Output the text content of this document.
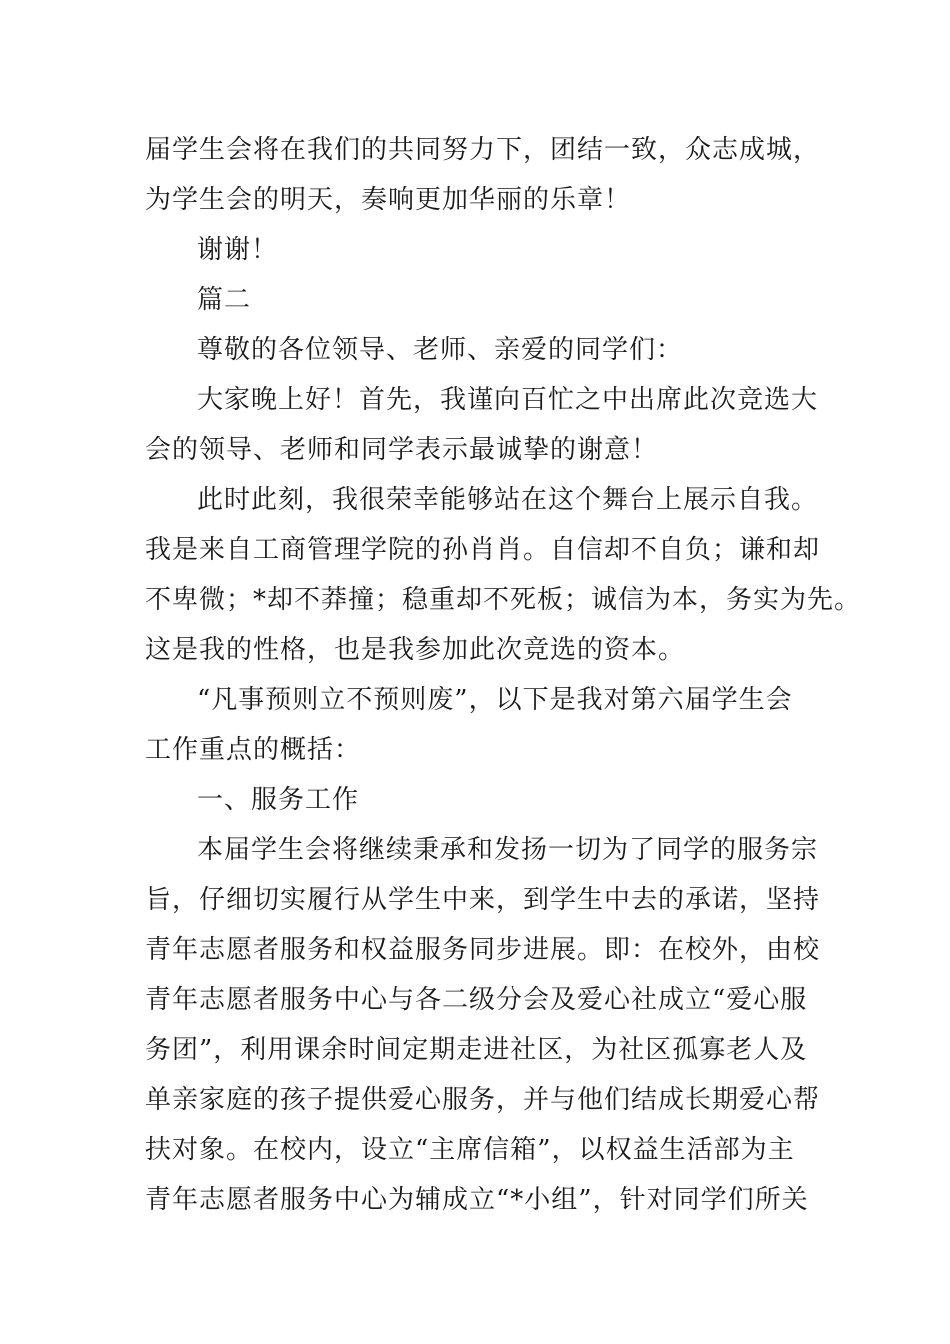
届学生会将在我们的共同努力下，团结一致，众志成城，
为学生会的明天，奏响更加华丽的乐章！
谢谢！
篇二
尊敬的各位领导、老师、亲爱的同学们：
大家晚上好！首先，我谨向百忙之中出席此次竞选大
会的领导、老师和同学表示最诚挚的谢意！
此时此刻，我很荣幸能够站在这个舞台上展示自我。
我是来自工商管理学院的孙肖肖。自信却不自负；谦和却
不卑微；*却不莽撞；稳重却不死板；诚信为本，务实为先。
这是我的性格，也是我参加此次竞选的资本。
“凡事预则立不预则废”，以下是我对第六届学生会
工作重点的概括：
一、服务工作
本届学生会将继续秉承和发扬一切为了同学的服务宗
旨，仔细切实履行从学生中来，到学生中去的承诺，坚持
青年志愿者服务和权益服务同步进展。即：在校外，由校
青年志愿者服务中心与各二级分会及爱心社成立“爱心服
务团”，利用课余时间定期走进社区，为社区孤寡老人及
单亲家庭的孩子提供爱心服务，并与他们结成长期爱心帮
扶对象。在校内，设立“主席信箱”，以权益生活部为主
青年志愿者服务中心为辅成立“*小组”，针对同学们所关
